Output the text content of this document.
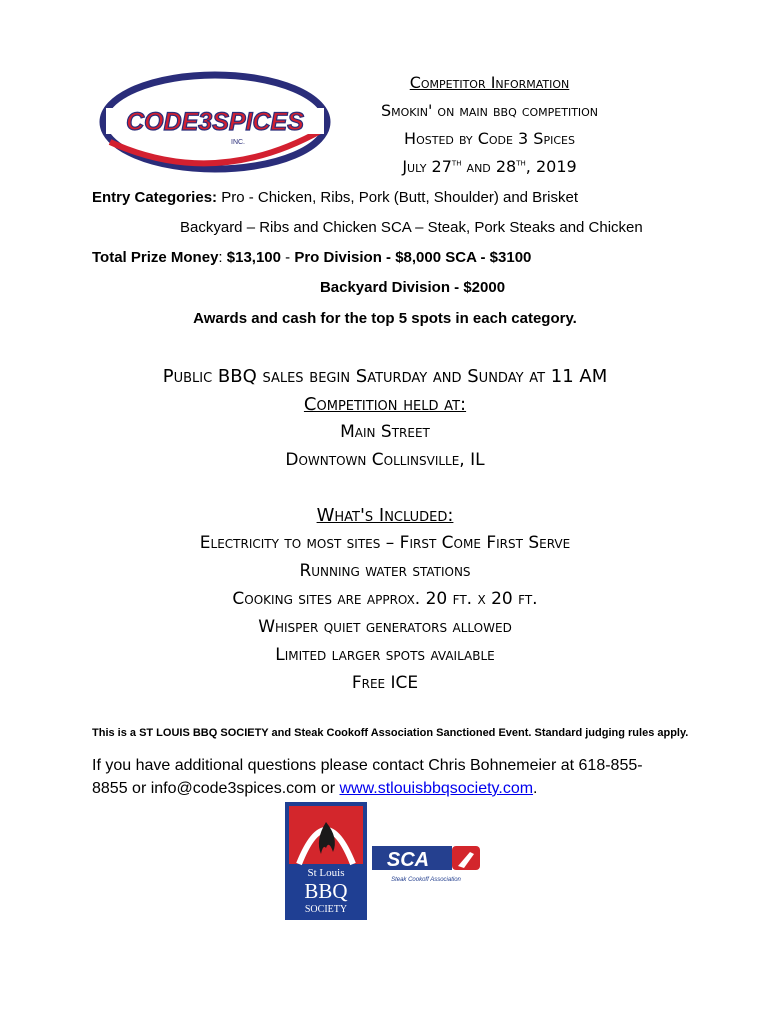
CODE3SPICES
INC.
Competitor Information
Smokin' on main bbq competition
Hosted by Code 3 Spices
July 27th and 28th, 2019
Entry Categories: Pro - Chicken, Ribs, Pork (Butt, Shoulder) and Brisket
Backyard – Ribs and Chicken SCA – Steak, Pork Steaks and Chicken
Total Prize Money: $13,100 - Pro Division - $8,000 SCA - $3100
Backyard Division - $2000
Awards and cash for the top 5 spots in each category.
Public BBQ sales begin Saturday and Sunday at 11 AM
Competition held at:
Main Street
Downtown Collinsville, IL
What's Included:
Electricity to most sites – First Come First Serve
Running water stations
Cooking sites are approx. 20 ft. x 20 ft.
Whisper quiet generators allowed
Limited larger spots available
Free ICE
This is a ST LOUIS BBQ SOCIETY and Steak Cookoff Association Sanctioned Event. Standard judging rules apply.
If you have additional questions please contact Chris Bohnemeier at 618-855-8855 or info@code3spices.com or www.stlouisbbqsociety.com.
St Louis
BBQ
SOCIETY
SCA
Steak Cookoff Association
